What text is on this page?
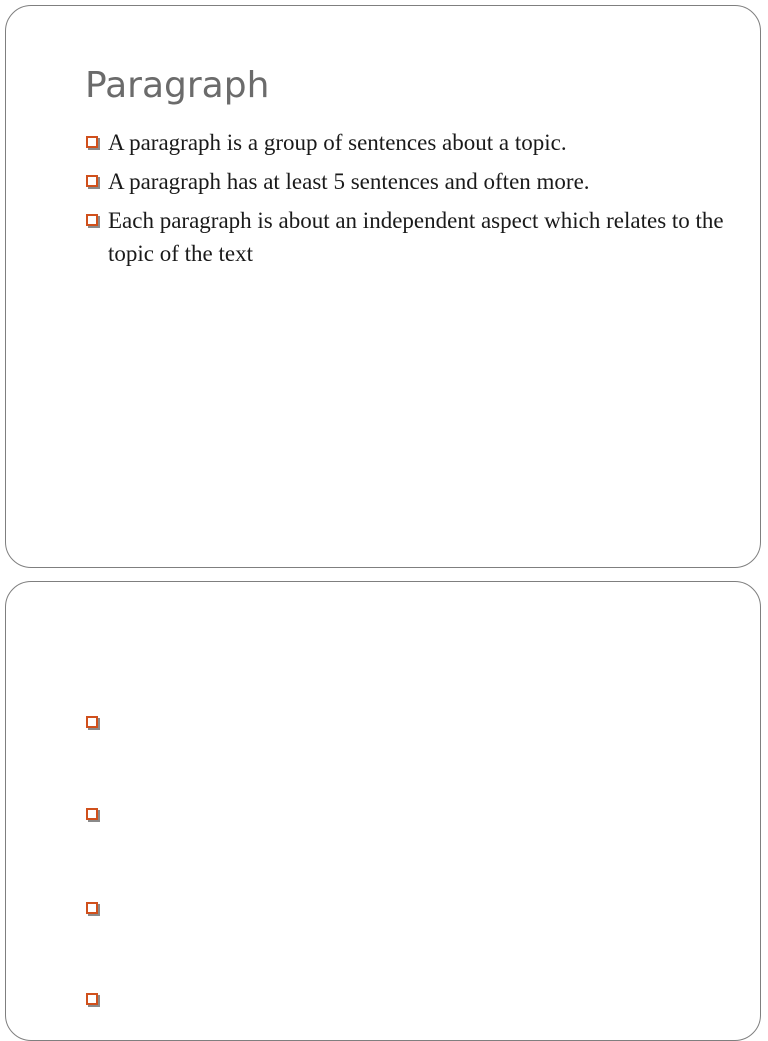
Paragraph
A paragraph is a group of sentences about a topic.
A paragraph has at least 5 sentences and often more.
Each paragraph is about an independent aspect which relates to the topic of the text
